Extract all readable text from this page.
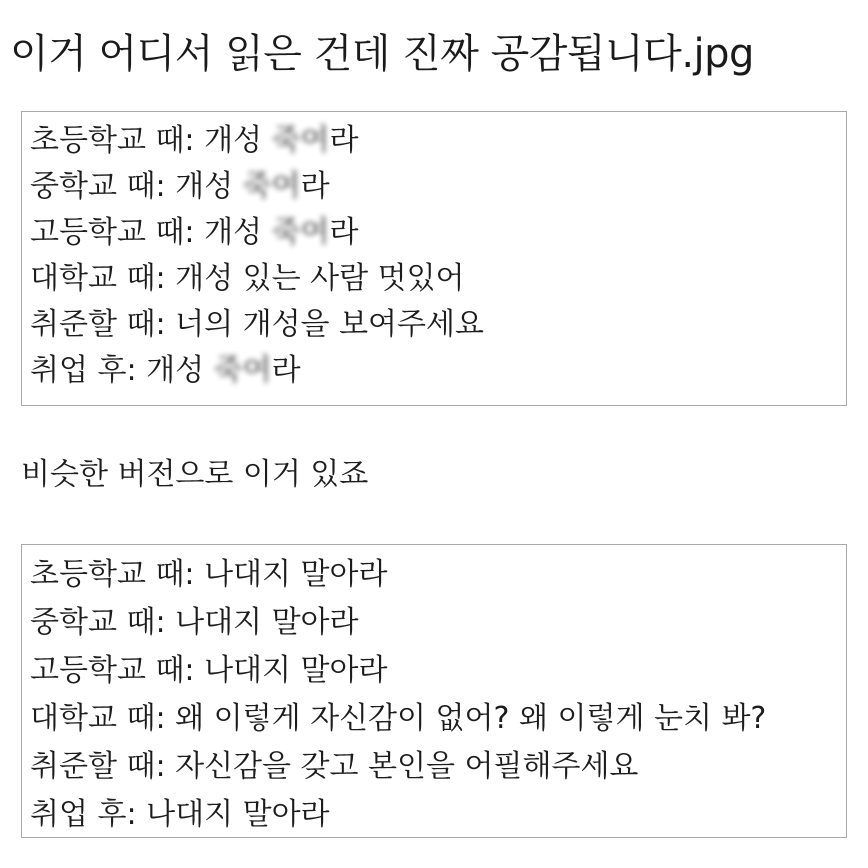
이거 어디서 읽은 건데 진짜 공감됩니다.jpg
초등학교 때: 개성 죽여라
중학교 때: 개성 죽여라
고등학교 때: 개성 죽여라
대학교 때: 개성 있는 사람 멋있어
취준할 때: 너의 개성을 보여주세요
취업 후: 개성 죽여라
비슷한 버전으로 이거 있죠
초등학교 때: 나대지 말아라
중학교 때: 나대지 말아라
고등학교 때: 나대지 말아라
대학교 때: 왜 이렇게 자신감이 없어? 왜 이렇게 눈치 봐?
취준할 때: 자신감을 갖고 본인을 어필해주세요
취업 후: 나대지 말아라
